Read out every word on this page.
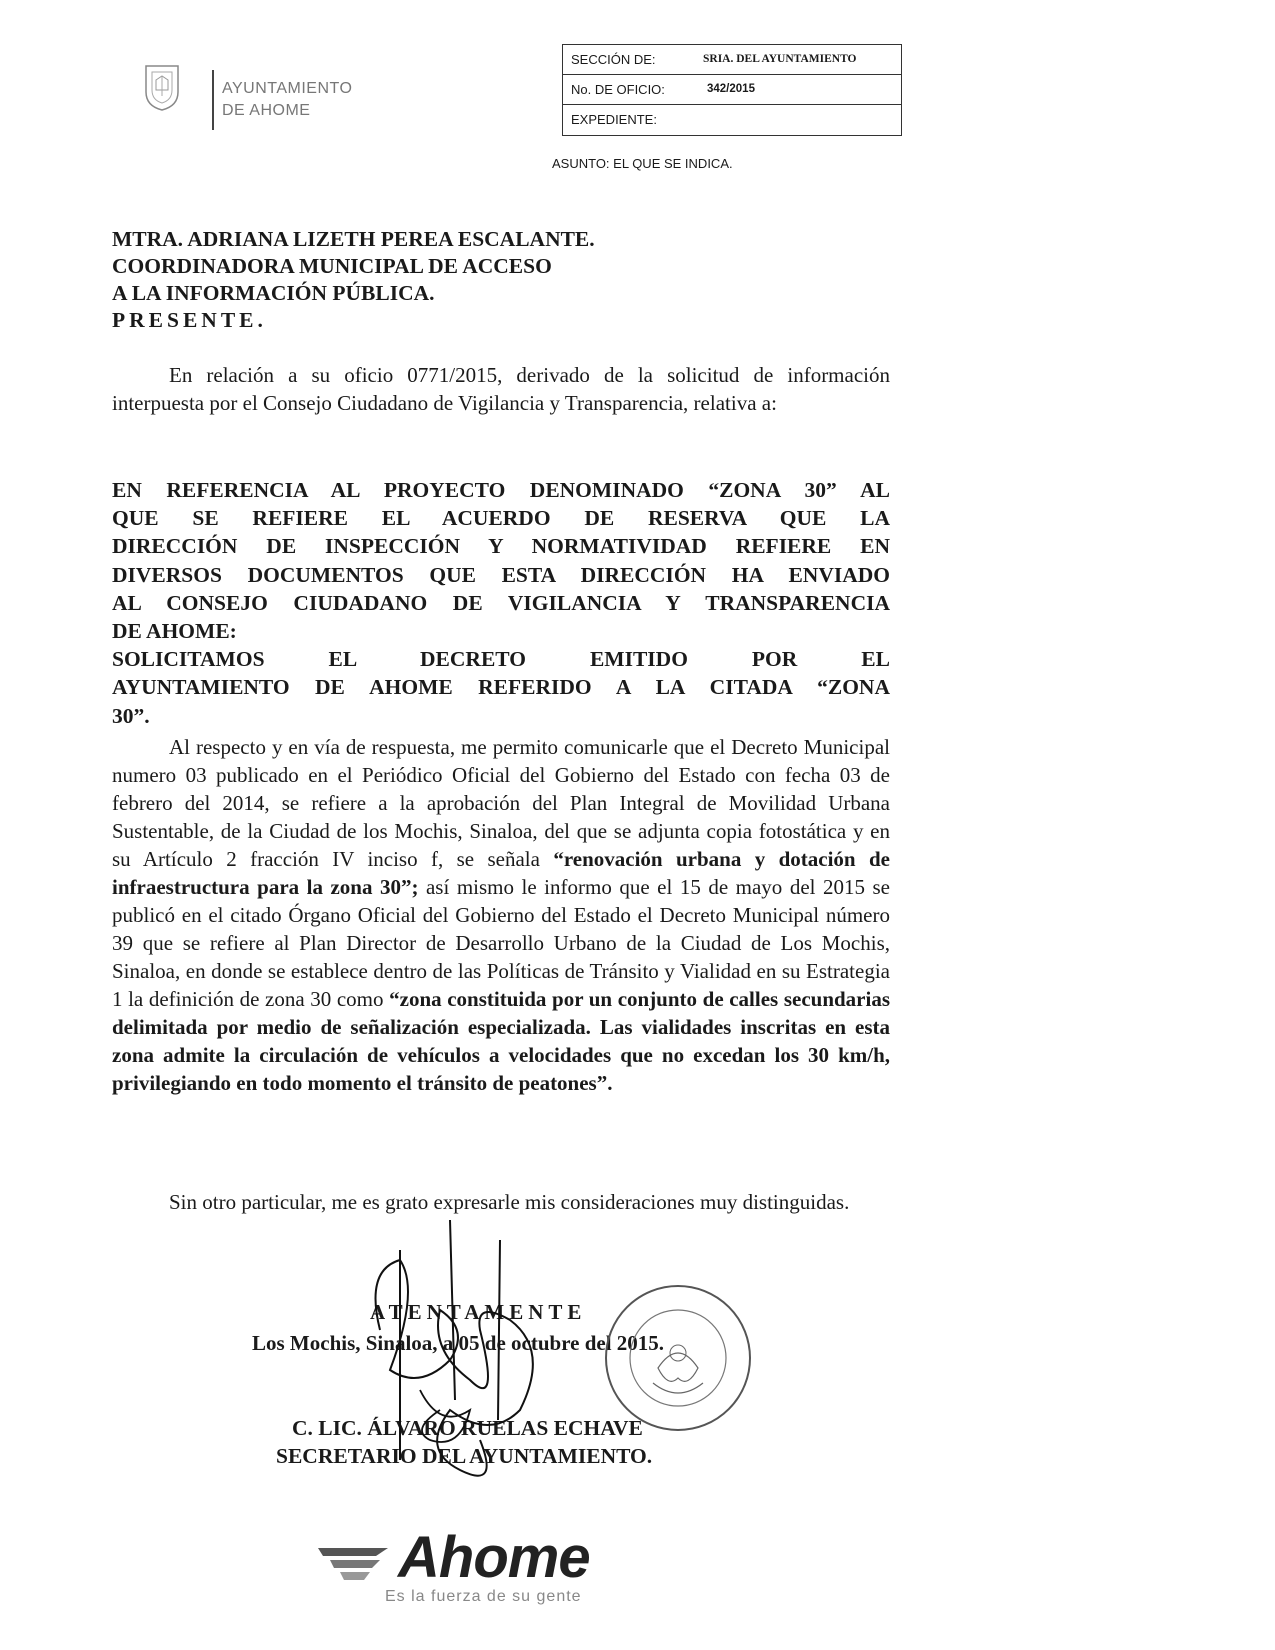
AYUNTAMIENTO
DE AHOME
SECCIÓN DE:	SRIA. DEL AYUNTAMIENTO
No. DE OFICIO:	342/2015
EXPEDIENTE:
ASUNTO: EL QUE SE INDICA.
MTRA. ADRIANA LIZETH PEREA ESCALANTE.
COORDINADORA MUNICIPAL DE ACCESO
A LA INFORMACIÓN PÚBLICA.
PRESENTE.
En relación a su oficio 0771/2015, derivado de la solicitud de información interpuesta por el Consejo Ciudadano de Vigilancia y Transparencia, relativa a:
EN REFERENCIA AL PROYECTO DENOMINADO “ZONA 30” AL
QUE SE REFIERE EL ACUERDO DE RESERVA QUE LA
DIRECCIÓN DE INSPECCIÓN Y NORMATIVIDAD REFIERE EN
DIVERSOS DOCUMENTOS QUE ESTA DIRECCIÓN HA ENVIADO
AL CONSEJO CIUDADANO DE VIGILANCIA Y TRANSPARENCIA
DE AHOME:
SOLICITAMOS EL DECRETO EMITIDO POR EL
AYUNTAMIENTO DE AHOME REFERIDO A LA CITADA “ZONA
30”.
Al respecto y en vía de respuesta, me permito comunicarle que el Decreto Municipal numero 03 publicado en el Periódico Oficial del Gobierno del Estado con fecha 03 de febrero del 2014, se refiere a la aprobación del Plan Integral de Movilidad Urbana Sustentable, de la Ciudad de los Mochis, Sinaloa, del que se adjunta copia fotostática y en su Artículo 2 fracción IV inciso f, se señala “renovación urbana y dotación de infraestructura para la zona 30”; así mismo le informo que el 15 de mayo del 2015 se publicó en el citado Órgano Oficial del Gobierno del Estado el Decreto Municipal número 39 que se refiere al Plan Director de Desarrollo Urbano de la Ciudad de Los Mochis, Sinaloa, en donde se establece dentro de las Políticas de Tránsito y Vialidad en su Estrategia 1 la definición de zona 30 como “zona constituida por un conjunto de calles secundarias delimitada por medio de señalización especializada. Las vialidades inscritas en esta zona admite la circulación de vehículos a velocidades que no excedan los 30 km/h, privilegiando en todo momento el tránsito de peatones”.
Sin otro particular, me es grato expresarle mis consideraciones muy distinguidas.
ATENTAMENTE
Los Mochis, Sinaloa, a 05 de octubre del 2015.
C. LIC. ÁLVARO RUELAS ECHAVE
SECRETARIO DEL AYUNTAMIENTO.
Ahome
Es la fuerza de su gente
